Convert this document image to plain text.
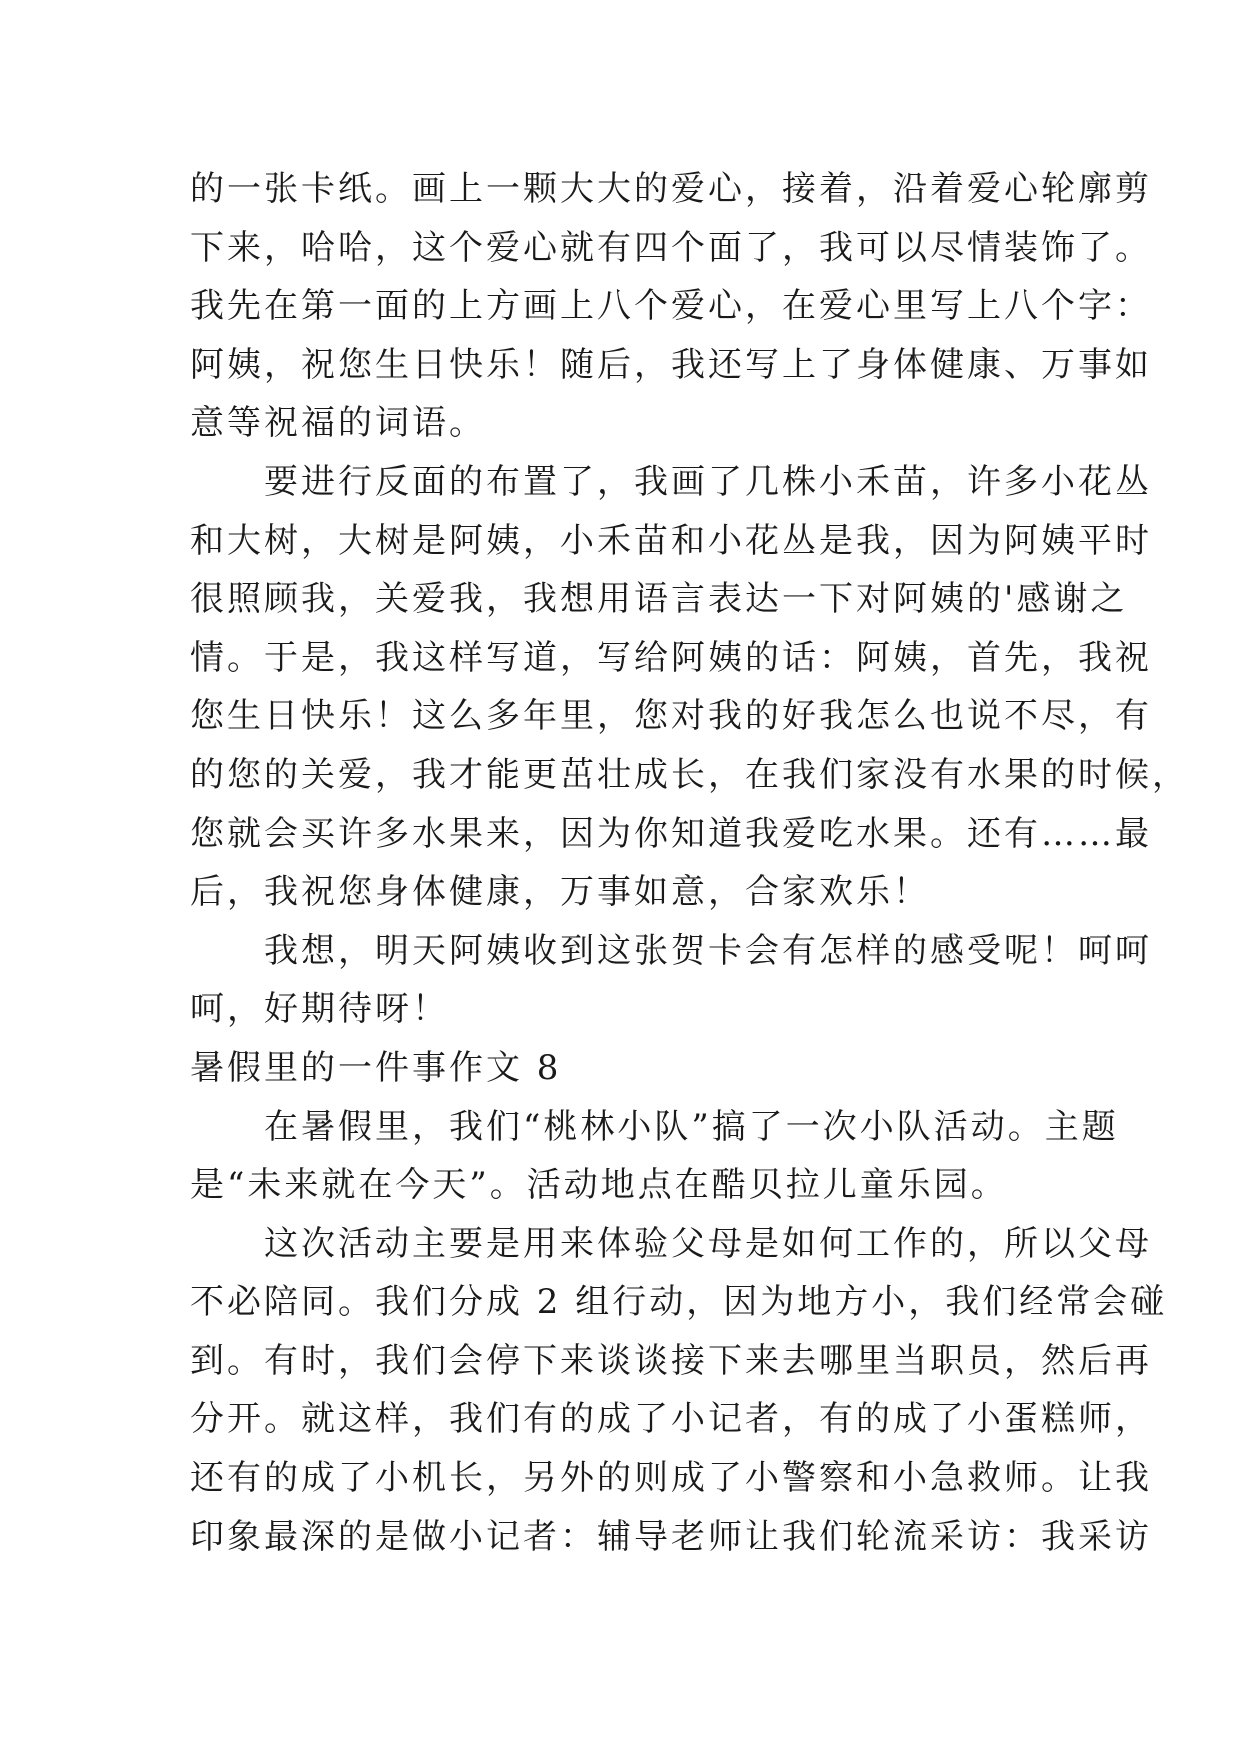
的一张卡纸。画上一颗大大的爱心，接着，沿着爱心轮廓剪
下来，哈哈，这个爱心就有四个面了，我可以尽情装饰了。
我先在第一面的上方画上八个爱心，在爱心里写上八个字：
阿姨，祝您生日快乐！随后，我还写上了身体健康、万事如
意等祝福的词语。
要进行反面的布置了，我画了几株小禾苗，许多小花丛
和大树，大树是阿姨，小禾苗和小花丛是我，因为阿姨平时
很照顾我，关爱我，我想用语言表达一下对阿姨的'感谢之
情。于是，我这样写道，写给阿姨的话：阿姨，首先，我祝
您生日快乐！这么多年里，您对我的好我怎么也说不尽，有
的您的关爱，我才能更茁壮成长，在我们家没有水果的时候，
您就会买许多水果来，因为你知道我爱吃水果。还有……最
后，我祝您身体健康，万事如意，合家欢乐！
我想，明天阿姨收到这张贺卡会有怎样的感受呢！呵呵
呵，好期待呀！
暑假里的一件事作文 8
在暑假里，我们“桃林小队”搞了一次小队活动。主题
是“未来就在今天”。活动地点在酷贝拉儿童乐园。
这次活动主要是用来体验父母是如何工作的，所以父母
不必陪同。我们分成 2 组行动，因为地方小，我们经常会碰
到。有时，我们会停下来谈谈接下来去哪里当职员，然后再
分开。就这样，我们有的成了小记者，有的成了小蛋糕师，
还有的成了小机长，另外的则成了小警察和小急救师。让我
印象最深的是做小记者：辅导老师让我们轮流采访：我采访
